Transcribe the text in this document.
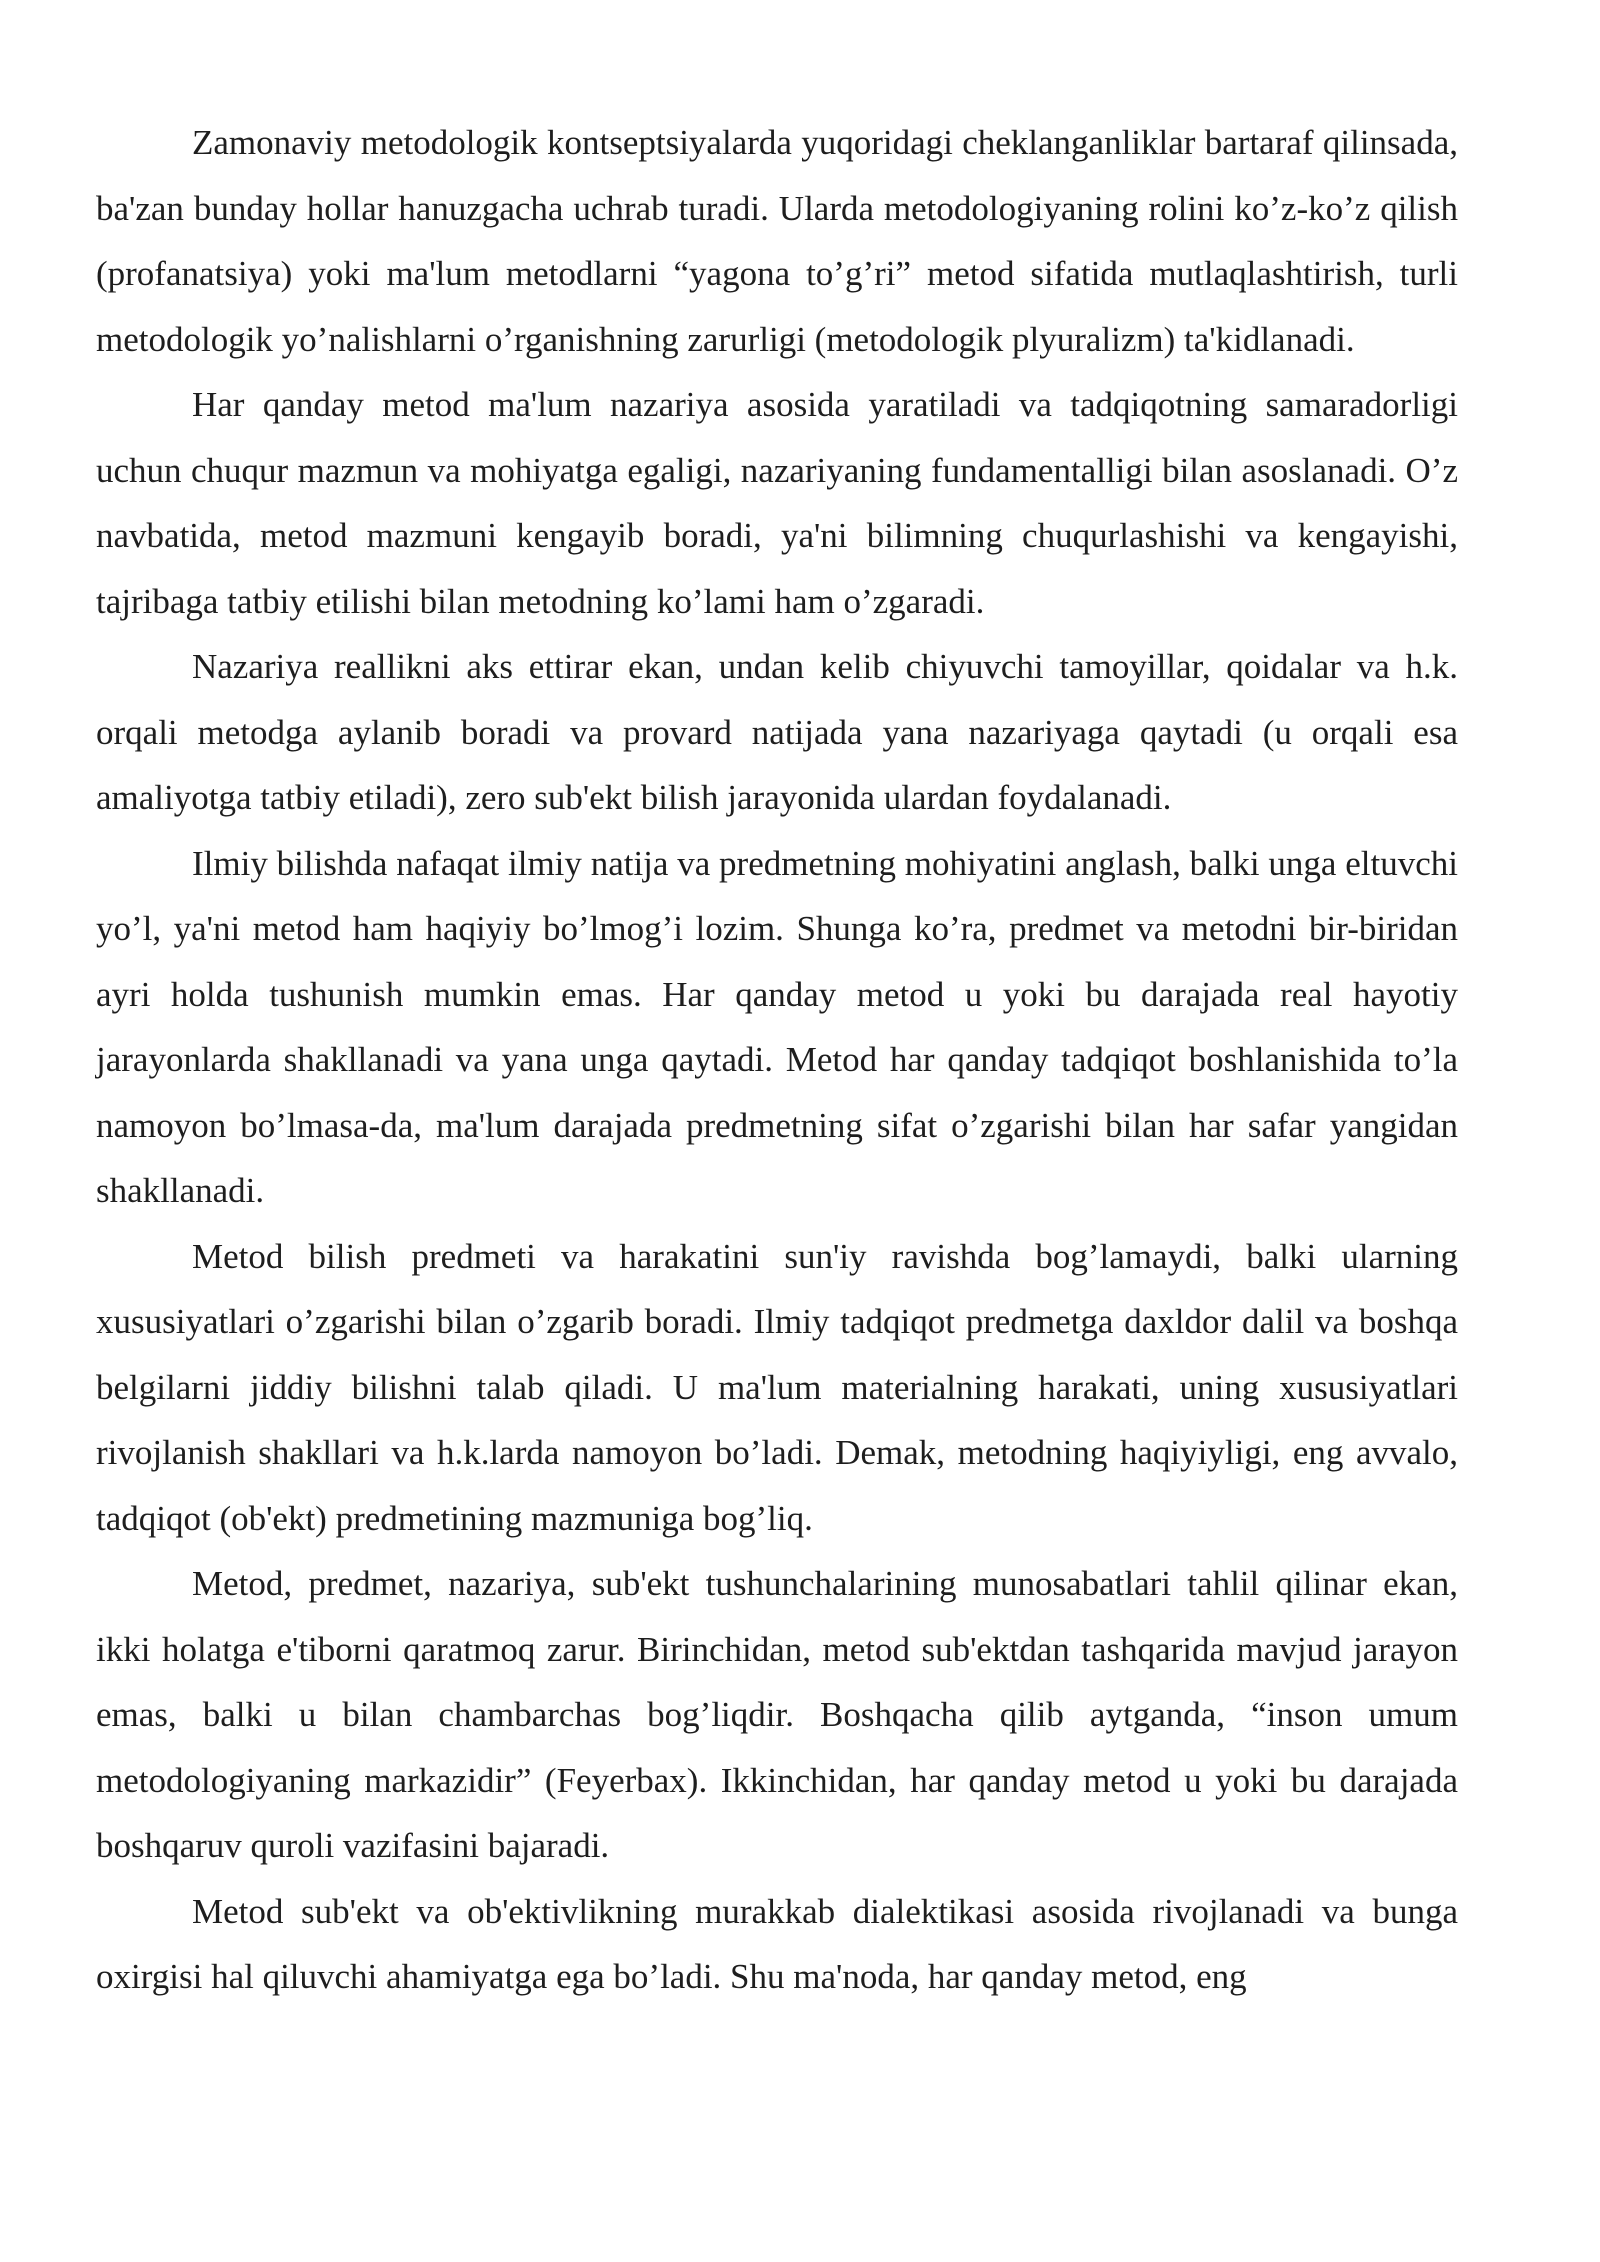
Zamonaviy metodologik kontseptsiyalarda yuqoridagi cheklanganliklar bartaraf qilinsada, ba'zan bunday hollar hanuzgacha uchrab turadi. Ularda metodologiyaning rolini ko’z-ko’z qilish (profanatsiya) yoki ma'lum metodlarni “yagona to’g’ri” metod sifatida mutlaqlashtirish, turli metodologik yo’nalishlarni o’rganishning zarurligi (metodologik plyuralizm) ta'kidlanadi.

Har qanday metod ma'lum nazariya asosida yaratiladi va tadqiqotning samaradorligi uchun chuqur mazmun va mohiyatga egaligi, nazariyaning fundamentalligi bilan asoslanadi. O’z navbatida, metod mazmuni kengayib boradi, ya'ni bilimning chuqurlashishi va kengayishi, tajribaga tatbiy etilishi bilan metodning ko’lami ham o’zgaradi.

Nazariya reallikni aks ettirar ekan, undan kelib chiyuvchi tamoyillar, qoidalar va h.k. orqali metodga aylanib boradi va provard natijada yana nazariyaga qaytadi (u orqali esa amaliyotga tatbiy etiladi), zero sub'ekt bilish jarayonida ulardan foydalanadi.

Ilmiy bilishda nafaqat ilmiy natija va predmetning mohiyatini anglash, balki unga eltuvchi yo’l, ya'ni metod ham haqiyiy bo’lmog’i lozim. Shunga ko’ra, predmet va metodni bir-biridan ayri holda tushunish mumkin emas. Har qanday metod u yoki bu darajada real hayotiy jarayonlarda shakllanadi va yana unga qaytadi. Metod har qanday tadqiqot boshlanishida to’la namoyon bo’lmasa-da, ma'lum darajada predmetning sifat o’zgarishi bilan har safar yangidan shakllanadi.

Metod bilish predmeti va harakatini sun'iy ravishda bog’lamaydi, balki ularning xususiyatlari o’zgarishi bilan o’zgarib boradi. Ilmiy tadqiqot predmetga daxldor dalil va boshqa belgilarni jiddiy bilishni talab qiladi. U ma'lum materialning harakati, uning xususiyatlari rivojlanish shakllari va h.k.larda namoyon bo’ladi. Demak, metodning haqiyiyligi, eng avvalo, tadqiqot (ob'ekt) predmetining mazmuniga bog’liq.

Metod, predmet, nazariya, sub'ekt tushunchalarining munosabatlari tahlil qilinar ekan, ikki holatga e'tiborni qaratmoq zarur. Birinchidan, metod sub'ektdan tashqarida mavjud jarayon emas, balki u bilan chambarchas bog’liqdir. Boshqacha qilib aytganda, “inson umum metodologiyaning markazidir” (Feyerbax). Ikkinchidan, har qanday metod u yoki bu darajada boshqaruv quroli vazifasini bajaradi.

Metod sub'ekt va ob'ektivlikning murakkab dialektikasi asosida rivojlanadi va bunga oxirgisi hal qiluvchi ahamiyatga ega bo’ladi. Shu ma'noda, har qanday metod, eng
